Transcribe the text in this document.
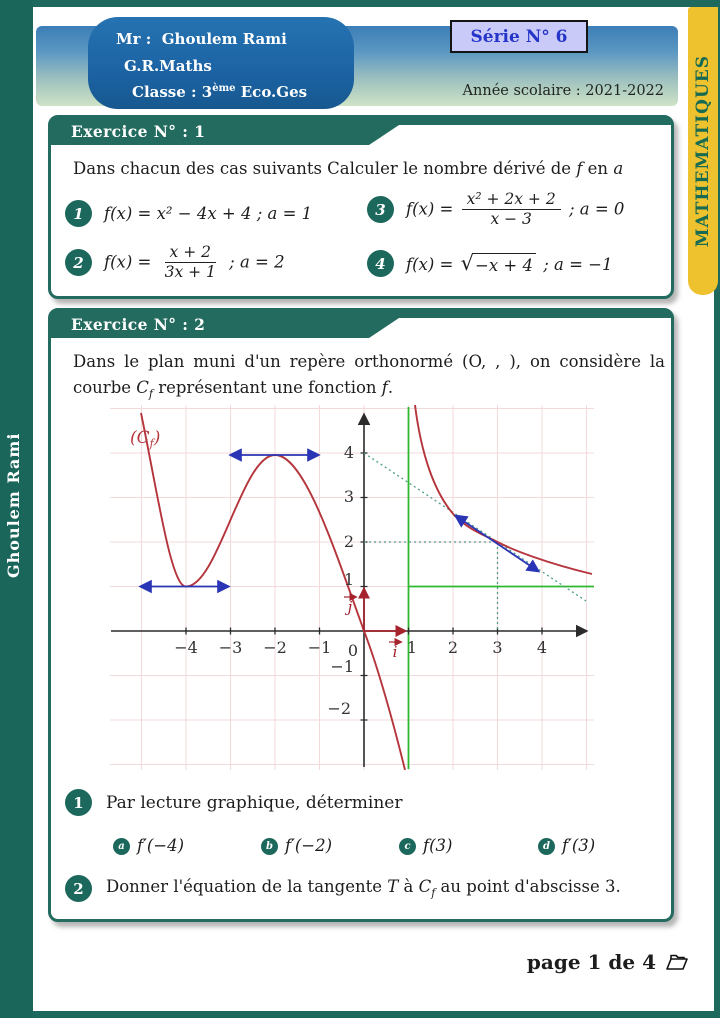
Ghoulem Rami
MATHEMATIQUES
Année scolaire : 2021-2022
Mr : Ghoulem Rami
G.R.Maths
Classe : 3ème Eco.Ges
Série N° 6
Exercice N° : 1
Dans chacun des cas suivants Calculer le nombre dérivé de f en a
1	f(x) = x² − 4x + 4 ; a = 1
2	$f(x) = \frac{x + 2}{3x + 1}$ ; a = 2
3	$f(x) = \frac{\text{x² + 2x + 2}}{x - 3}$ ; a = 0
4	f(x) = √ −x + 4 ; a = −1
Exercice N° : 2
Dans le plan muni d'un repère orthonormé (O, , ), on considère la courbe $C_f$ représentant une fonction f.
−4 −3 −2 −1 0	1 2 3 4
4
3
2
1
−1
−2
i
j
$(C_f)$
1	Par lecture graphique, déterminer
a f′(−4)	b f′(−2)	c f(3)	d f′(3)
2	Donner l'équation de la tangente T à $C_f$ au point d'abscisse 3.
page 1 de 4
